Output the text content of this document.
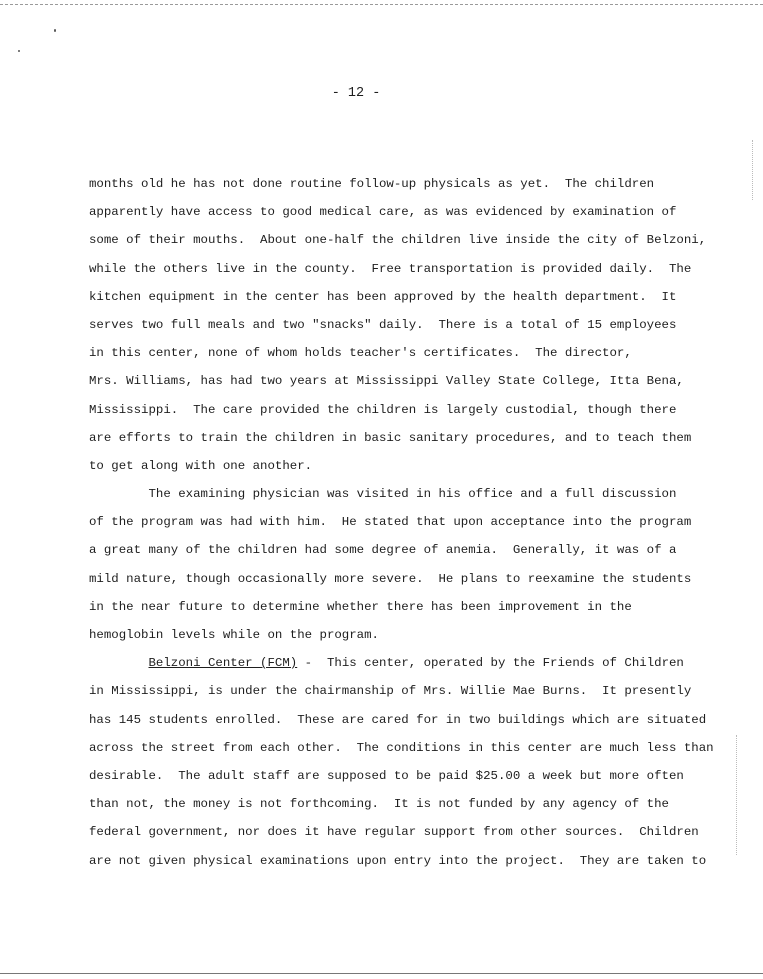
- 12 -
months old he has not done routine follow-up physicals as yet.  The children
apparently have access to good medical care, as was evidenced by examination of
some of their mouths.  About one-half the children live inside the city of Belzoni,
while the others live in the county.  Free transportation is provided daily.  The
kitchen equipment in the center has been approved by the health department.  It
serves two full meals and two "snacks" daily.  There is a total of 15 employees
in this center, none of whom holds teacher's certificates.  The director,
Mrs. Williams, has had two years at Mississippi Valley State College, Itta Bena,
Mississippi.  The care provided the children is largely custodial, though there
are efforts to train the children in basic sanitary procedures, and to teach them
to get along with one another.
The examining physician was visited in his office and a full discussion
of the program was had with him.  He stated that upon acceptance into the program
a great many of the children had some degree of anemia.  Generally, it was of a
mild nature, though occasionally more severe.  He plans to reexamine the students
in the near future to determine whether there has been improvement in the
hemoglobin levels while on the program.
Belzoni Center (FCM) -  This center, operated by the Friends of Children
in Mississippi, is under the chairmanship of Mrs. Willie Mae Burns.  It presently
has 145 students enrolled.  These are cared for in two buildings which are situated
across the street from each other.  The conditions in this center are much less than
desirable.  The adult staff are supposed to be paid $25.00 a week but more often
than not, the money is not forthcoming.  It is not funded by any agency of the
federal government, nor does it have regular support from other sources.  Children
are not given physical examinations upon entry into the project.  They are taken to
